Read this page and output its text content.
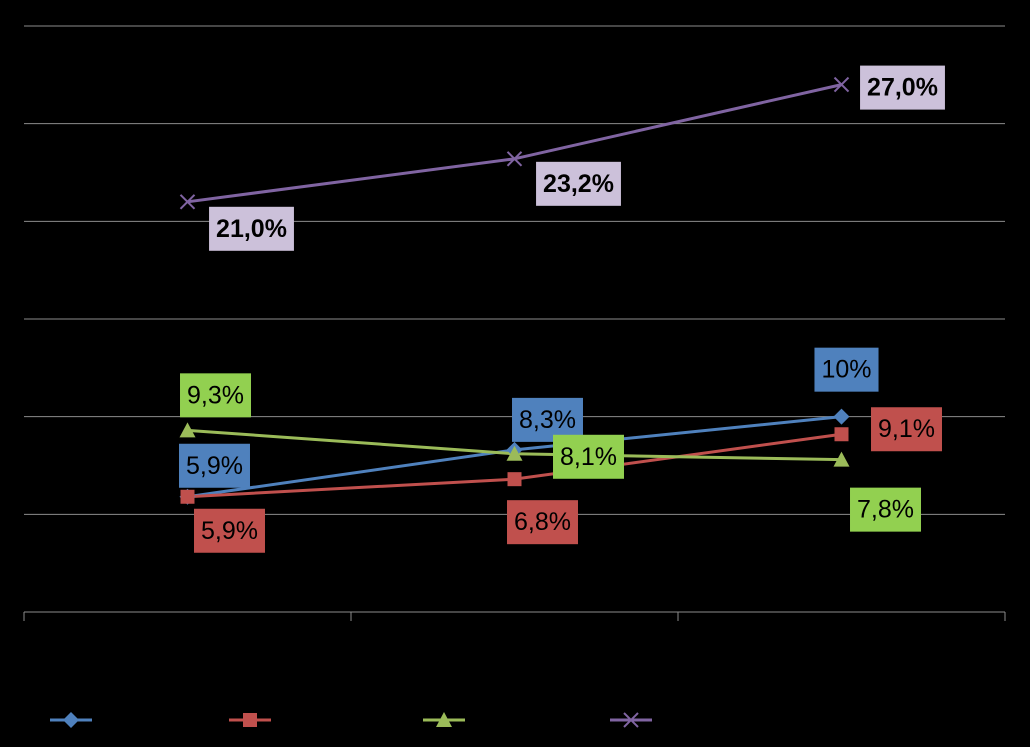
5,9%
8,3%
10%
5,9%	6,8%
9,1%
9,3%
8,1%
7,8%
21,0%
23,2%
27,0%
